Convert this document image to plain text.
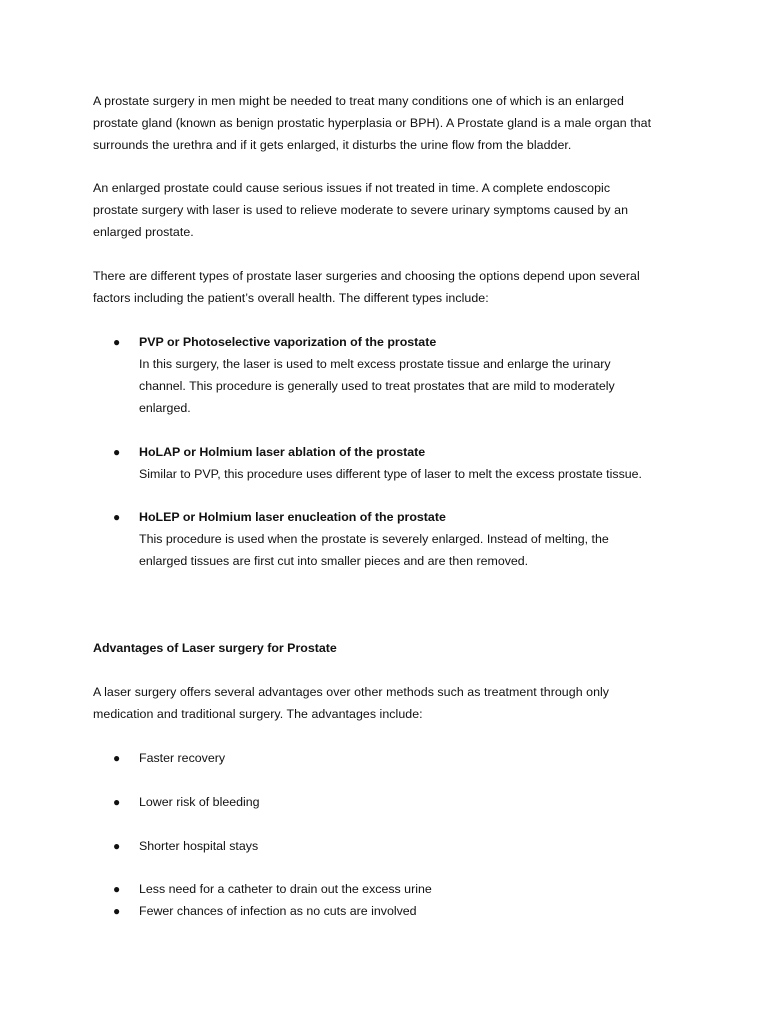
A prostate surgery in men might be needed to treat many conditions one of which is an enlarged
prostate gland (known as benign prostatic hyperplasia or BPH). A Prostate gland is a male organ that
surrounds the urethra and if it gets enlarged, it disturbs the urine flow from the bladder.

An enlarged prostate could cause serious issues if not treated in time. A complete endoscopic
prostate surgery with laser is used to relieve moderate to severe urinary symptoms caused by an
enlarged prostate.

There are different types of prostate laser surgeries and choosing the options depend upon several
factors including the patient’s overall health. The different types include:

● PVP or Photoselective vaporization of the prostate
In this surgery, the laser is used to melt excess prostate tissue and enlarge the urinary
channel. This procedure is generally used to treat prostates that are mild to moderately
enlarged.
● HoLAP or Holmium laser ablation of the prostate
Similar to PVP, this procedure uses different type of laser to melt the excess prostate tissue.
● HoLEP or Holmium laser enucleation of the prostate
This procedure is used when the prostate is severely enlarged. Instead of melting, the
enlarged tissues are first cut into smaller pieces and are then removed.
Advantages of Laser surgery for Prostate

A laser surgery offers several advantages over other methods such as treatment through only
medication and traditional surgery. The advantages include:

● Faster recovery
● Lower risk of bleeding
● Shorter hospital stays
● Less need for a catheter to drain out the excess urine
● Fewer chances of infection as no cuts are involved
